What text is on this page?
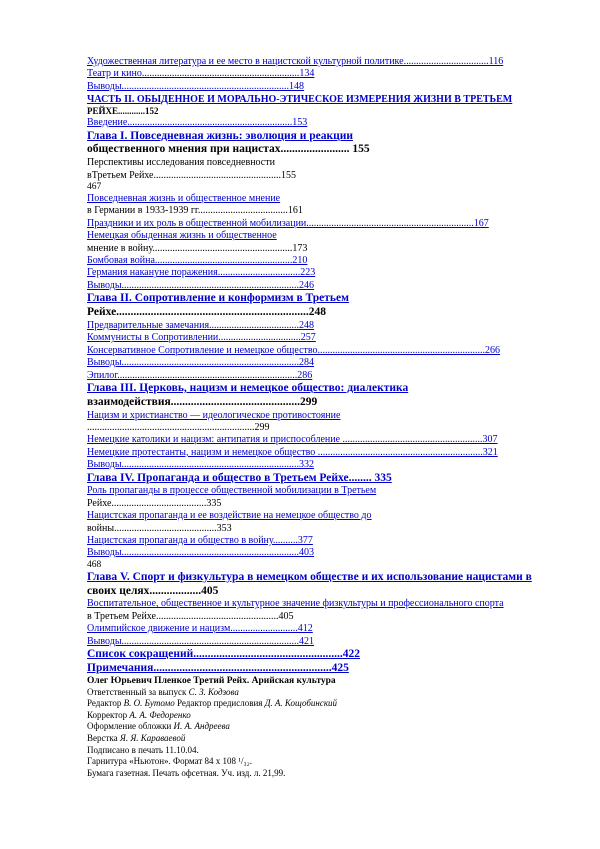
Художественная литература и ее место в нацистской культурной политике..................................116
Театр и кино...............................................................134
Выводы...................................................................148
ЧАСТЬ II. ОБЫДЕННОЕ И МОРАЛЬНО-ЭТИЧЕСКОЕ ИЗМЕРЕНИЯ ЖИЗНИ В ТРЕТЬЕМ
РЕЙХЕ............152
Введение..................................................................153
Глава I. Повседневная жизнь: эволюция и реакции
общественного мнения при нацистах........................ 155
Перспективы исследования повседневности
вТретьем Рейхе...................................................155
467
Повседневная жизнь и общественное мнение
в Германии в 1933-1939 гг....................................161
Праздники и их роль в общественной мобилизации...................................................................167
Немецкая обыденная жизнь и общественное
мнение в войну........................................................173
Бомбовая война.......................................................210
Германия накануне поражения.................................223
Выводы.......................................................................246
Глава II. Сопротивление и конформизм в Третьем
Рейхе...................................................................248
Предварительные замечания....................................248
Коммунисты в Сопротивлении.................................257
Консервативное Сопротивление и немецкое общество...................................................................266
Выводы.......................................................................284
Эпилог........................................................................286
Глава III. Церковь, нацизм и немецкое общество: диалектика
взаимодействия.............................................299
Нацизм и христианство — идеологическое противостояние
...................................................................299
Немецкие католики и нацизм: антипатия и приспособление ........................................................307
Немецкие протестанты, нацизм и немецкое общество ..................................................................321
Выводы.......................................................................332
Глава IV. Пропаганда и общество в Третьем Рейхе........ 335
Роль пропаганды в процессе общественной мобилизации в Третьем
Рейхе......................................335
Нацистская пропаганда и ее воздействие на немецкое общество до
войны.........................................353
Нацистская пропаганда и общество в войну..........377
Выводы.......................................................................403
468
Глава V. Спорт и физкультура в немецком обществе и их использование нацистами в
своих целях..................405
Воспитательное, общественное и культурное значение физкультуры и профессионального спорта
в Третьем Рейхе.................................................405
Олимпийское движение и нацизм...........................412
Выводы.......................................................................421
Список сокращений....................................................422
Примечания..............................................................425
Олег Юрьевич Пленкое Третий Рейх. Арийская культура
Ответственный за выпуск С. З. Кодзова
Редактор В. О. Бутомо Редактор предисловия Д. А. Кощобинский
Корректор А. А. Федоренко
Оформление обложки И. А. Андреева
Верстка Я. Я. Караваевой
Подписано в печать 11.10.04.
Гарнитура «Ньютон». Формат 84 х 108 ¹/₃₂.
Бумага газетная. Печать офсетная. Уч. изд. л. 21,99.
